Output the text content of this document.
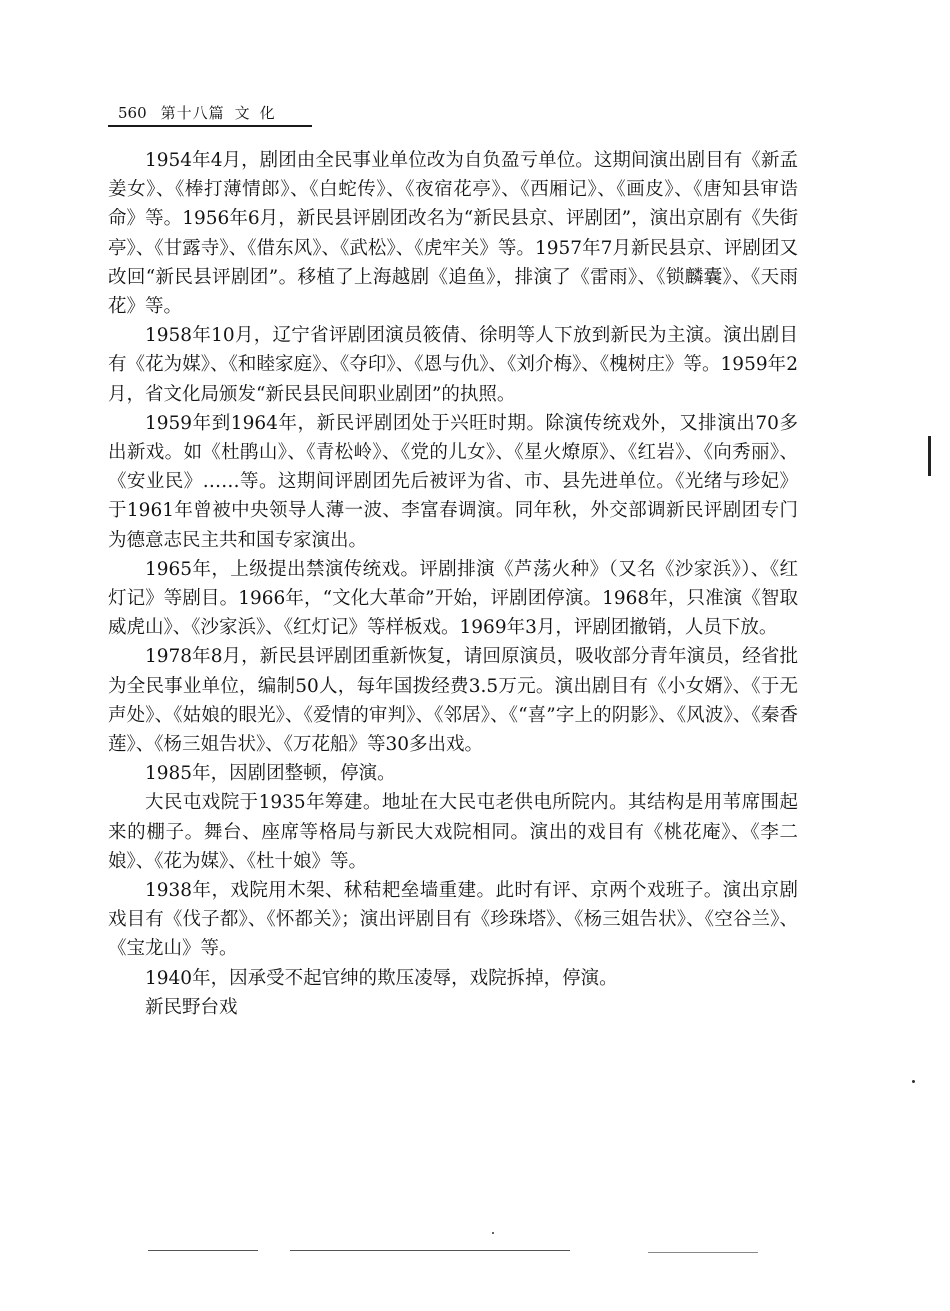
560 第十八篇 文化

1954年4月，剧团由全民事业单位改为自负盈亏单位。这期间演出剧目有《新孟姜女》、《棒打薄情郎》、《白蛇传》、《夜宿花亭》、《西厢记》、《画皮》、《唐知县审诰命》等。1956年6月，新民县评剧团改名为“新民县京、评剧团”，演出京剧有《失街亭》、《甘露寺》、《借东风》、《武松》、《虎牢关》等。1957年7月新民县京、评剧团又改回“新民县评剧团”。移植了上海越剧《追鱼》，排演了《雷雨》、《锁麟囊》、《天雨花》等。

1958年10月，辽宁省评剧团演员筱倩、徐明等人下放到新民为主演。演出剧目有《花为媒》、《和睦家庭》、《夺印》、《恩与仇》、《刘介梅》、《槐树庄》等。1959年2月，省文化局颁发“新民县民间职业剧团”的执照。

1959年到1964年，新民评剧团处于兴旺时期。除演传统戏外，又排演出70多出新戏。如《杜鹃山》、《青松岭》、《党的儿女》、《星火燎原》、《红岩》、《向秀丽》、《安业民》……等。这期间评剧团先后被评为省、市、县先进单位。《光绪与珍妃》于1961年曾被中央领导人薄一波、李富春调演。同年秋，外交部调新民评剧团专门为德意志民主共和国专家演出。

1965年，上级提出禁演传统戏。评剧排演《芦荡火种》（又名《沙家浜》）、《红灯记》等剧目。1966年，“文化大革命”开始，评剧团停演。1968年，只准演《智取威虎山》、《沙家浜》、《红灯记》等样板戏。1969年3月，评剧团撤销，人员下放。

1978年8月，新民县评剧团重新恢复，请回原演员，吸收部分青年演员，经省批为全民事业单位，编制50人，每年国拨经费3.5万元。演出剧目有《小女婿》、《于无声处》、《姑娘的眼光》、《爱情的审判》、《邻居》、《“喜”字上的阴影》、《风波》、《秦香莲》、《杨三姐告状》、《万花船》等30多出戏。

1985年，因剧团整顿，停演。

大民屯戏院于1935年筹建。地址在大民屯老供电所院内。其结构是用苇席围起来的棚子。舞台、座席等格局与新民大戏院相同。演出的戏目有《桃花庵》、《李二娘》、《花为媒》、《杜十娘》等。

1938年，戏院用木架、秫秸耙垒墙重建。此时有评、京两个戏班子。演出京剧戏目有《伐子都》、《怀都关》；演出评剧目有《珍珠塔》、《杨三姐告状》、《空谷兰》、《宝龙山》等。

1940年，因承受不起官绅的欺压凌辱，戏院拆掉，停演。

新民野台戏
